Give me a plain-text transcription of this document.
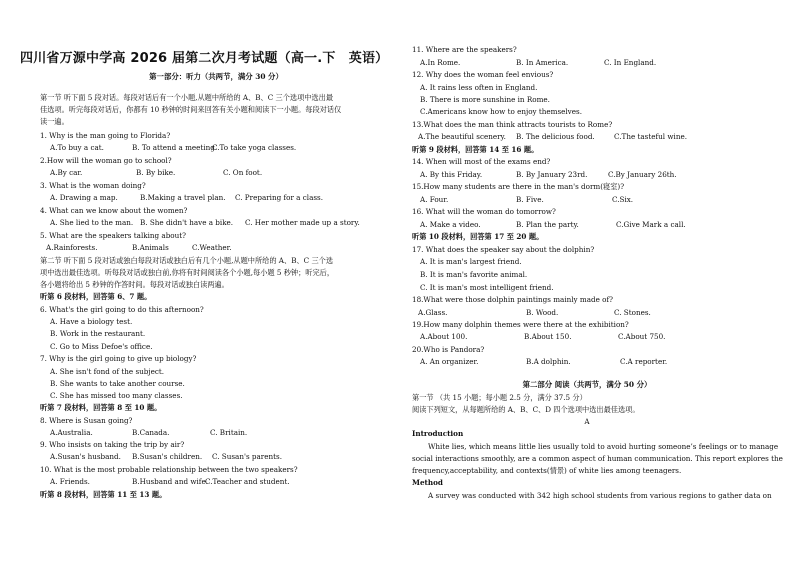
四川省万源中学高 2026 届第二次月考试题（高一.下　英语）
第一部分：听力（共两节，满分 30 分）
第一节 听下面 5 段对话。每段对话后有一个小题,从题中所给的 A、B、C 三个选项中选出最
佳选项。听完每段对话后，你都有 10 秒钟的时间来回答有关小题和阅读下一小题。每段对话仅
读一遍。
1. Why is the man going to Florida?
A.To buy a cat.	B. To attend a meeting.
C.To take yoga classes.
2.How will the woman go to school?
A.By car.	B. By bike.	C. On foot.
3. What is the woman doing?
A. Drawing a map.	B.Making a travel plan. C. Preparing for a class.
4. What can we know about the women?
A. She lied to the man. B. She didn't have a bike. C. Her mother made up a story.
5. What are the speakers talking about?
A.Rainforests.	B.Animals	C.Weather.
第二节 听下面 5 段对话或独白每段对话或独白后有几个小题,从题中所给的 A、B、C 三个选
项中选出最佳选项。听每段对话或独白前,你将有时间阅读各个小题,每小题 5 秒钟；听完后，
各小题将给出 5 秒钟的作答时间。每段对话或独白读两遍。
听第 6 段材料，回答第 6、7 题。
6. What's the girl going to do this afternoon?
A. Have a biology test.
B. Work in the restaurant.
C. Go to Miss Defoe's office.
7. Why is the girl going to give up biology?
A. She isn't fond of the subject.
B. She wants to take another course.
C. She has missed too many classes.
听第 7 段材料，回答第 8 至 10 题。
8. Where is Susan going?
A.Australia.	B.Canada.	C. Britain.
9. Who insists on taking the trip by air?
A.Susan's husband. B.Susan's children. C. Susan's parents.
10. What is the most probable relationship between the two speakers?
A. Friends.	B.Husband and wife.
C.Teacher and student.
听第 8 段材料，回答第 11 至 13 题。
11. Where are the speakers?
A.In Rome.	B. In America.	C. In England.
12. Why does the woman feel envious?
A. It rains less often in England.
B. There is more sunshine in Rome.
C.Americans know how to enjoy themselves.
13.What does the man think attracts tourists to Rome?
A.The beautiful scenery. B. The delicious food.	C.The tasteful wine.
听第 9 段材料，回答第 14 至 16 题。
14. When will most of the exams end?
A. By this Friday.	B. By January 23rd.	C.By January 26th.
15.How many students are there in the man's dorm(寝室)?
A. Four.	B. Five.	C.Six.
16. What will the woman do tomorrow?
A. Make a video.	B. Plan the party.	C.Give Mark a call.
听第 10 段材料，回答第 17 至 20 题。
17. What does the speaker say about the dolphin?
A. It is man's largest friend.
B. It is man's favorite animal.
C. It is man's most intelligent friend.
18.What were those dolphin paintings mainly made of?
A.Glass.	B. Wood.	C. Stones.
19.How many dolphin themes were there at the exhibition?
A.About 100.	B.About 150.	C.About 750.
20.Who is Pandora?
A. An organizer.	B.A dolphin.	C.A reporter.
第二部分 阅读（共两节，满分 50 分）
第一节 （共 15 小题；每小题 2.5 分，满分 37.5 分）
阅读下列短文，从每题所给的 A、B、C、D 四个选项中选出最佳选项。
A
Introduction
White lies, which means little lies usually told to avoid hurting someone’s feelings or to manage
social interactions smoothly, are a common aspect of human communication. This report explores the
frequency,acceptability, and contexts(情景) of white lies among teenagers.
Method
A survey was conducted with 342 high school students from various regions to gather data on
